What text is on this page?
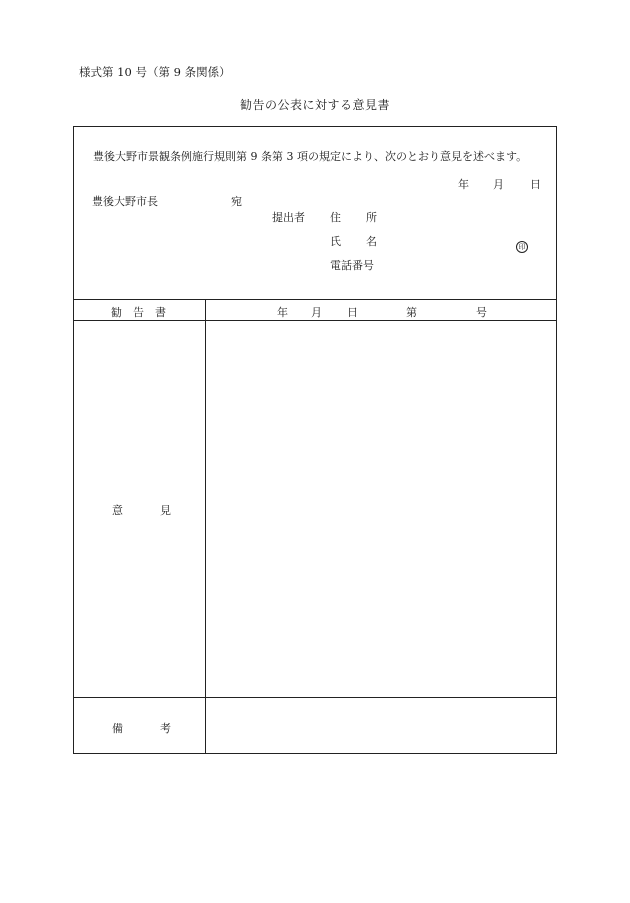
様式第 10 号（第 9 条関係）
勧告の公表に対する意見書
豊後大野市景観条例施行規則第 9 条第 3 項の規定により、次のとおり意見を述べます。
年 月 日
豊後大野市長	宛
提出者 住 所
氏 名	印
電話番号
勧 告 書	年 月 日	第	号
意	見
備	考
